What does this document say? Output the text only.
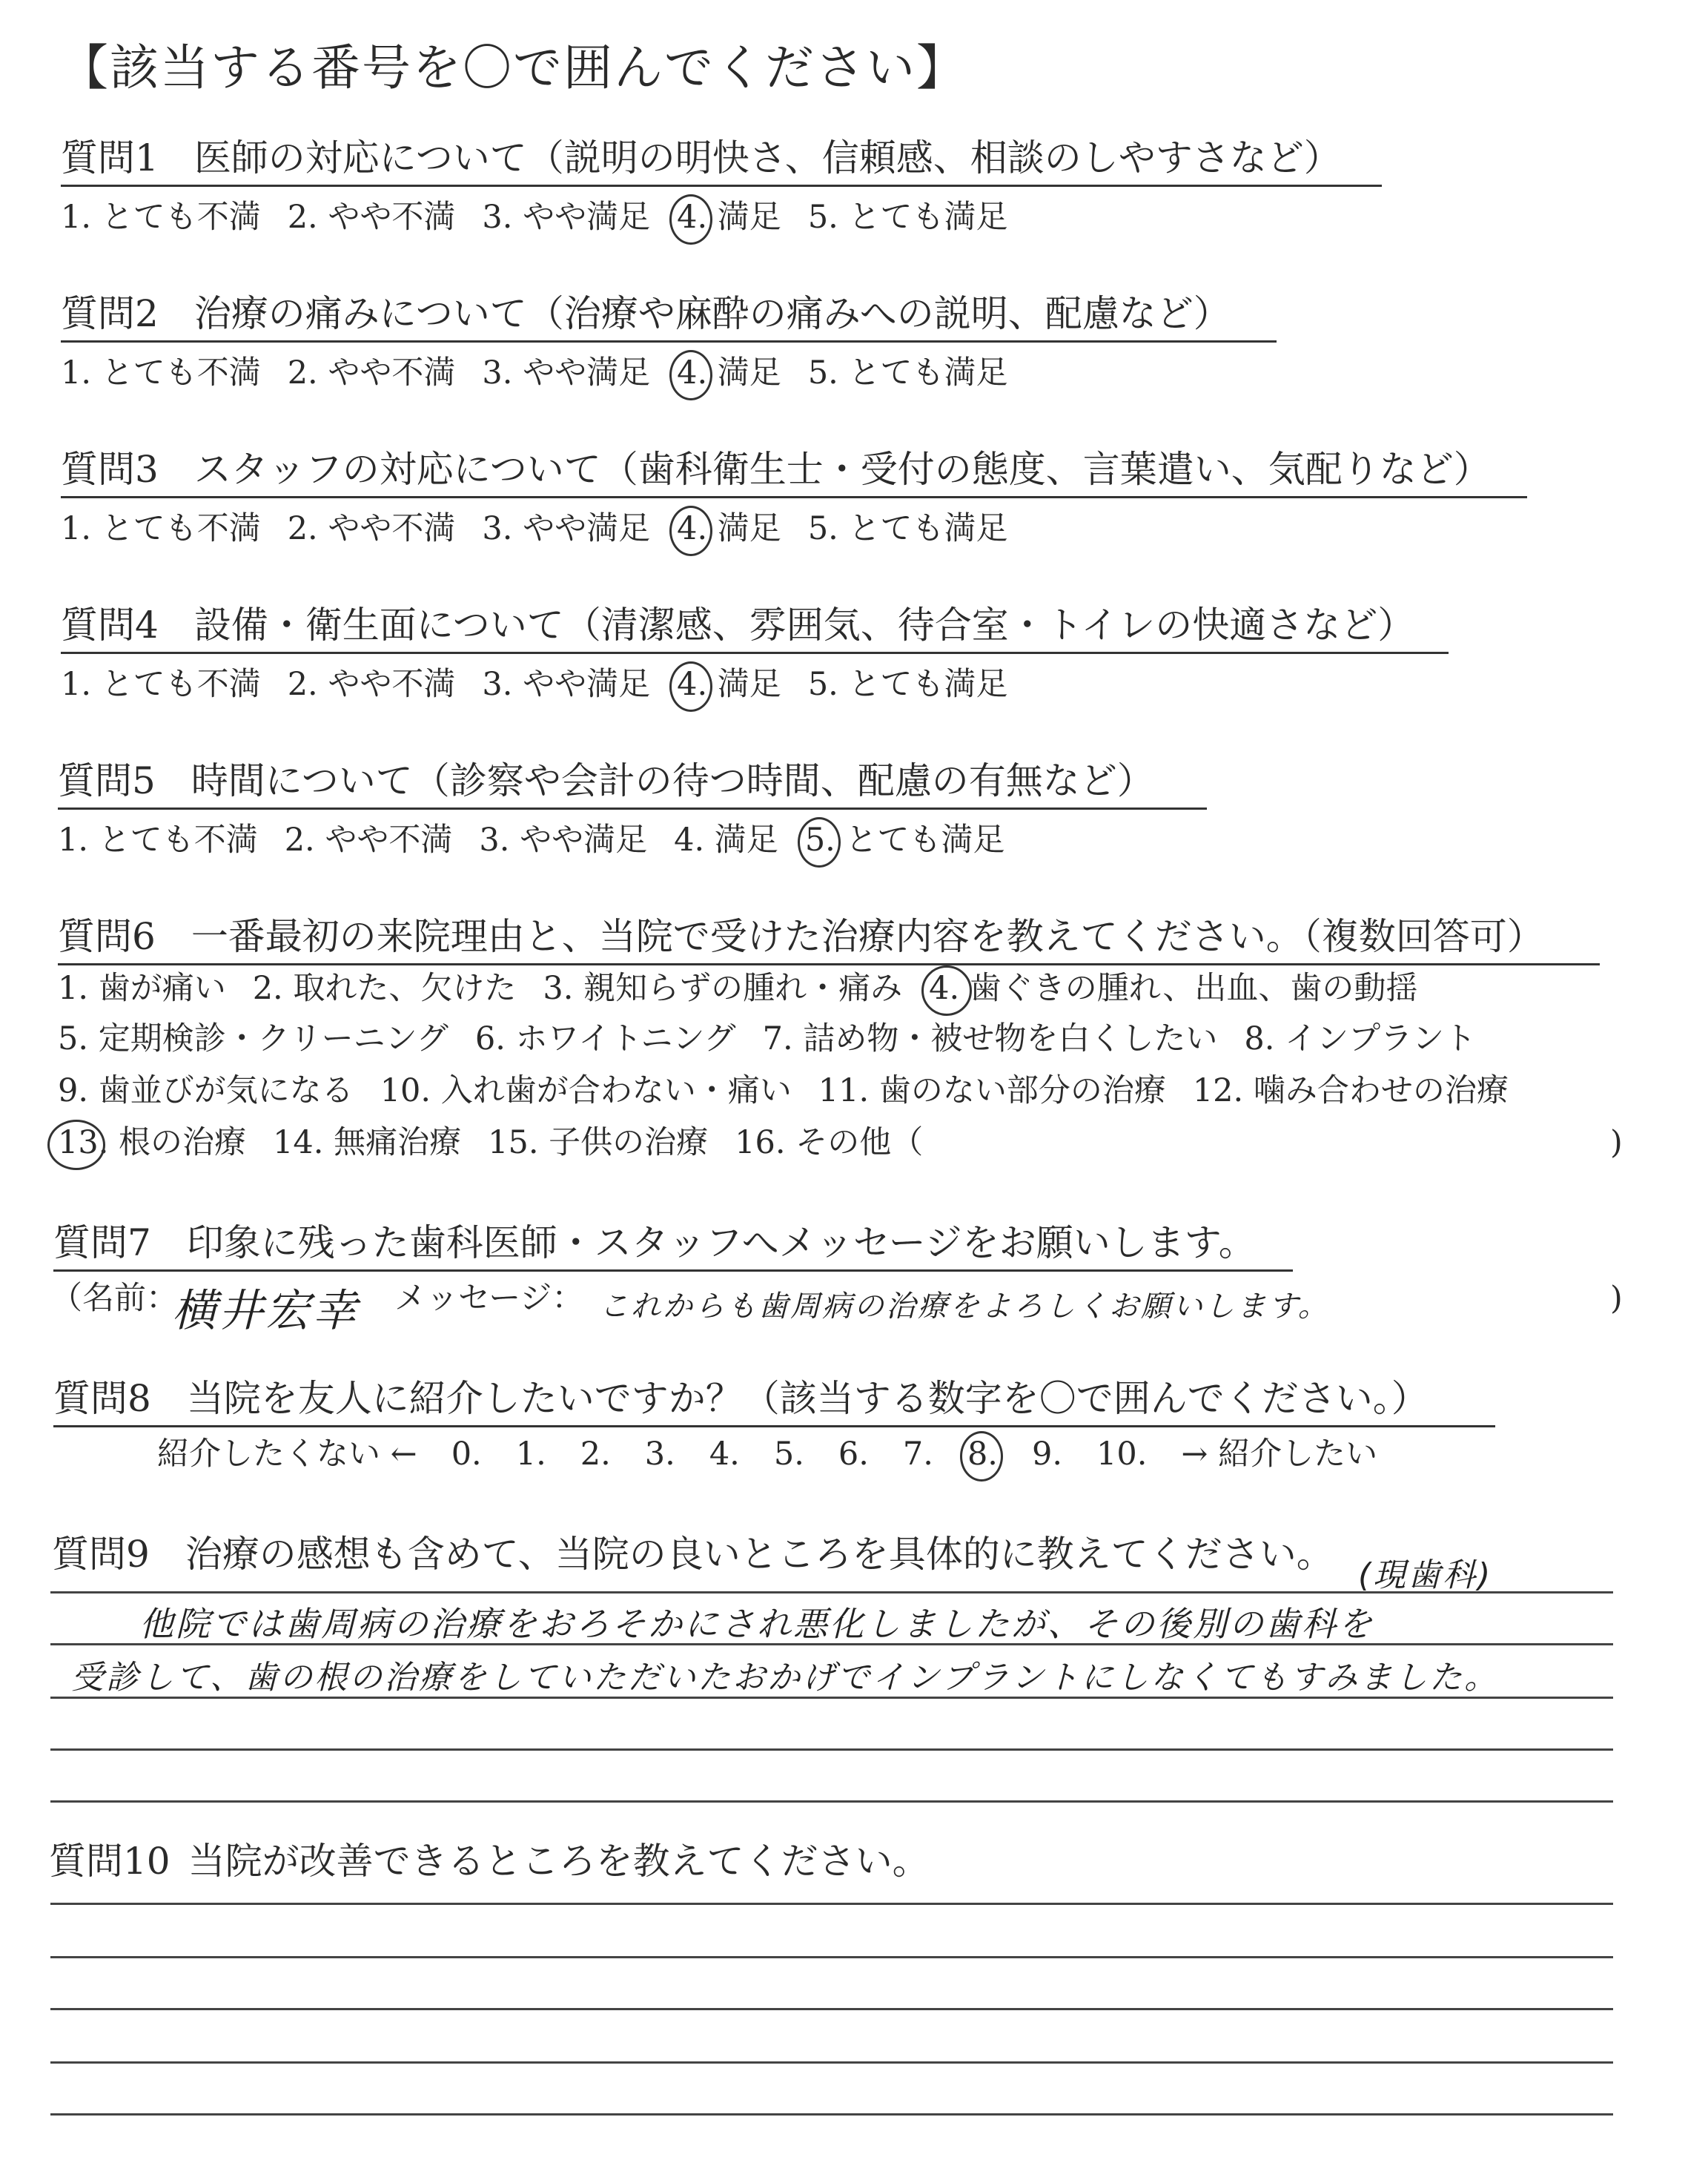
【該当する番号を〇で囲んでください】
質問1 医師の対応について（説明の明快さ、信頼感、相談のしやすさなど）
1. とても不満 2. やや不満 3. やや満足 4. 満足 5. とても満足
質問2 治療の痛みについて（治療や麻酔の痛みへの説明、配慮など）
1. とても不満 2. やや不満 3. やや満足 4. 満足 5. とても満足
質問3 スタッフの対応について（歯科衛生士・受付の態度、言葉遣い、気配りなど）
1. とても不満 2. やや不満 3. やや満足 4. 満足 5. とても満足
質問4 設備・衛生面について（清潔感、雰囲気、待合室・トイレの快適さなど）
1. とても不満 2. やや不満 3. やや満足 4. 満足 5. とても満足
質問5 時間について（診察や会計の待つ時間、配慮の有無など）
1. とても不満 2. やや不満 3. やや満足 4. 満足 5. とても満足
質問6 一番最初の来院理由と、当院で受けた治療内容を教えてください。（複数回答可）
1. 歯が痛い 2. 取れた、欠けた 3. 親知らずの腫れ・痛み 4. 歯ぐきの腫れ、出血、歯の動揺
5. 定期検診・クリーニング 6. ホワイトニング 7. 詰め物・被せ物を白くしたい 8. インプラント
9. 歯並びが気になる 10. 入れ歯が合わない・痛い 11. 歯のない部分の治療 12. 噛み合わせの治療
13. 根の治療 14. 無痛治療 15. 子供の治療 16. その他（	)
質問7 印象に残った歯科医師・スタッフへメッセージをお願いします。
（名前：
横井宏幸 メッセージ： これからも歯周病の治療をよろしくお願いします。	)
質問8 当院を友人に紹介したいですか？（該当する数字を〇で囲んでください。）
紹介したくない ← 0. 1. 2. 3. 4. 5. 6. 7. 8. 9. 10. → 紹介したい
質問9 治療の感想も含めて、当院の良いところを具体的に教えてください。 (現歯科)
他院では歯周病の治療をおろそかにされ悪化しましたが、その後別の歯科を
受診して、歯の根の治療をしていただいたおかげでインプラントにしなくてもすみました。
質問10 当院が改善できるところを教えてください。
